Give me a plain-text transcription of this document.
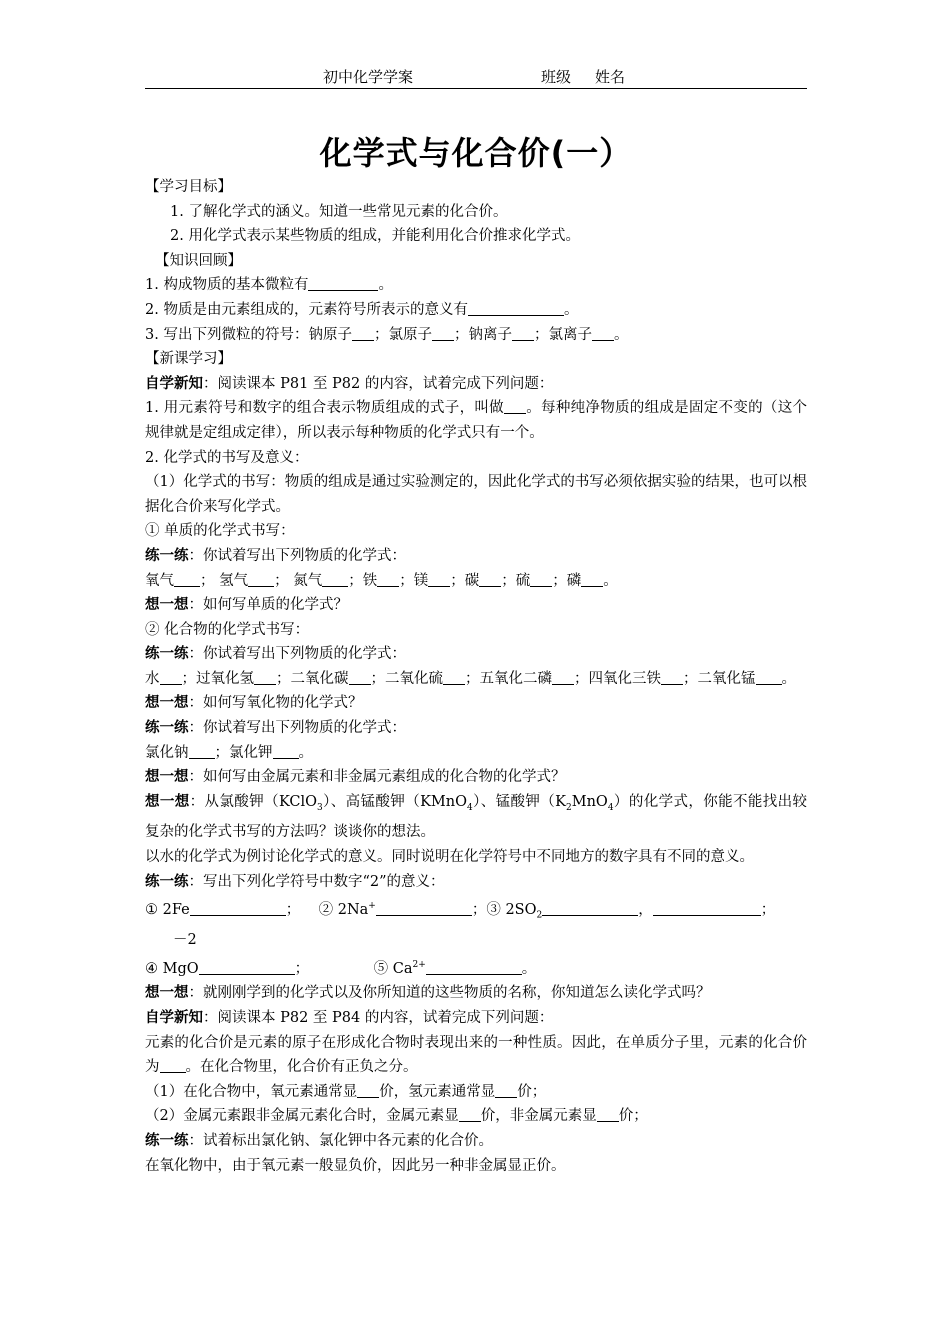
初中化学学案	班级 姓名
化学式与化合价(一）

【学习目标】

1. 了解化学式的涵义。知道一些常见元素的化合价。

2. 用化学式表示某些物质的组成，并能利用化合价推求化学式。

【知识回顾】

1. 构成物质的基本微粒有	。

2. 物质是由元素组成的，元素符号所表示的意义有	。

3. 写出下列微粒的符号：钠原子 ；氯原子 ；钠离子 ；氯离子 。

【新课学习】

自学新知：阅读课本 P81 至 P82 的内容，试着完成下列问题：

1. 用元素符号和数字的组合表示物质组成的式子，叫做 。每种纯净物质的组成是固定不变的（这个规律就是定组成定律），所以表示每种物质的化学式只有一个。

2. 化学式的书写及意义：

（1）化学式的书写：物质的组成是通过实验测定的，因此化学式的书写必须依据实验的结果，也可以根据化合价来写化学式。

① 单质的化学式书写：

练一练：你试着写出下列物质的化学式：

氧气 ； 氢气 ； 氮气 ；铁 ；镁 ；碳 ；硫 ；磷 。

想一想：如何写单质的化学式？

② 化合物的化学式书写：

练一练：你试着写出下列物质的化学式：

水 ；过氧化氢 ；二氧化碳 ；二氧化硫 ；五氧化二磷 ；四氧化三铁 ；二氧化锰 。

想一想：如何写氧化物的化学式？

练一练：你试着写出下列物质的化学式：

氯化钠 ；氯化钾 。

想一想：如何写由金属元素和非金属元素组成的化合物的化学式？

想一想：从氯酸钾（KClO$_3$）、高锰酸钾（KMnO$_4$）、锰酸钾$(K_2MnO_4)$的化学式，你能不能找出较复杂的化学式书写的方法吗？谈谈你的想法。

以水的化学式为例讨论化学式的意义。同时说明在化学符号中不同地方的数字具有不同的意义。

练一练：写出下列化学符号中数字“2”的意义：

① 2Fe	；    ② 2Na+	；③ $2SO_2$	，	；

－2

④ MgO	；              ⑤ $Ca^{2+}$	。

想一想：就刚刚学到的化学式以及你所知道的这些物质的名称，你知道怎么读化学式吗？

自学新知：阅读课本 P82 至 P84 的内容，试着完成下列问题：

元素的化合价是元素的原子在形成化合物时表现出来的一种性质。因此，在单质分子里，元素的化合价为 。在化合物里，化合价有正负之分。

（1）在化合物中，氧元素通常显 价，氢元素通常显 价；

（2）金属元素跟非金属元素化合时，金属元素显 价，非金属元素显 价；

练一练：试着标出氯化钠、氯化钾中各元素的化合价。

在氧化物中，由于氧元素一般显负价，因此另一种非金属显正价。
